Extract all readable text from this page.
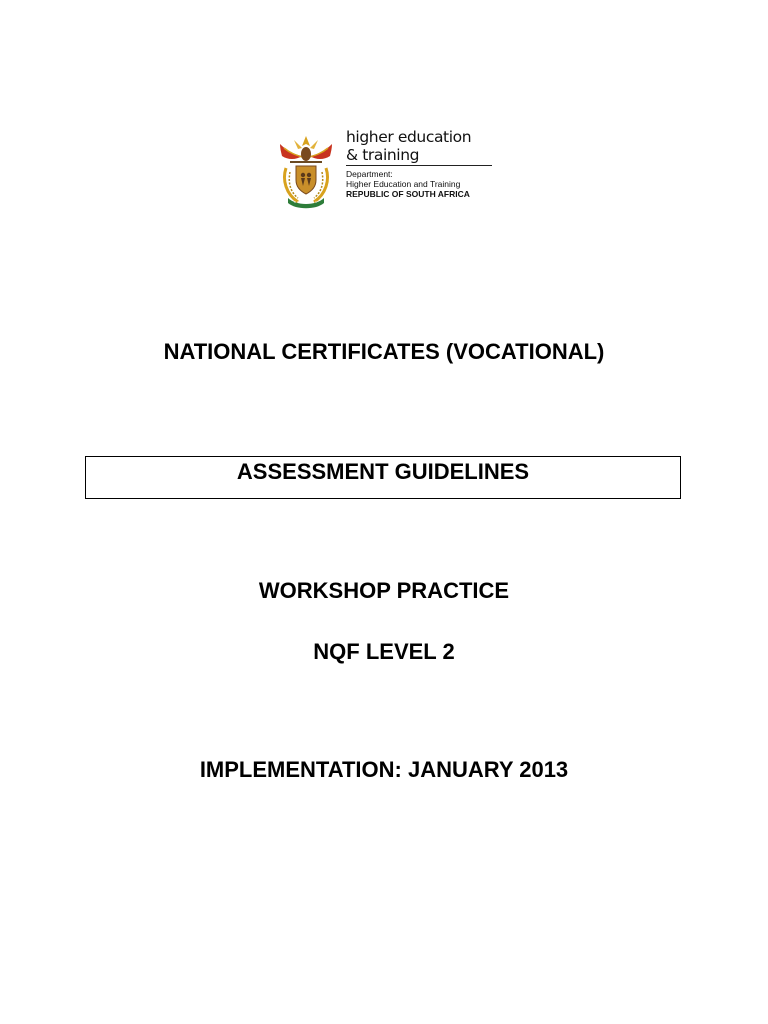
higher education
& training
Department:
Higher Education and Training
REPUBLIC OF SOUTH AFRICA
NATIONAL CERTIFICATES (VOCATIONAL)
ASSESSMENT GUIDELINES
WORKSHOP PRACTICE
NQF LEVEL 2
IMPLEMENTATION: JANUARY 2013
